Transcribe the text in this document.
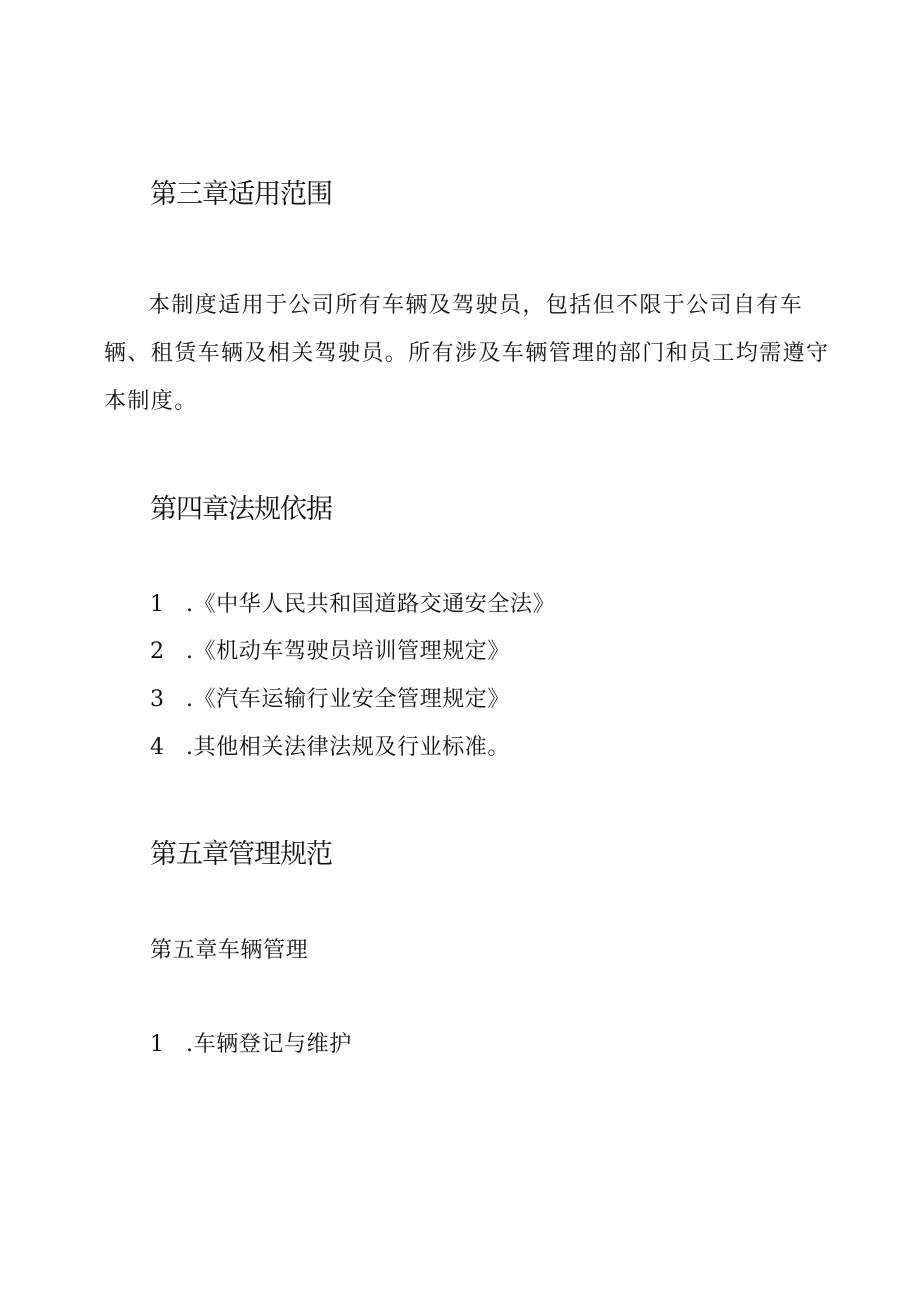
第三章适用范围

本制度适用于公司所有车辆及驾驶员，包括但不限于公司自有车辆、租赁车辆及相关驾驶员。所有涉及车辆管理的部门和员工均需遵守本制度。

第四章法规依据

1 .《中华人民共和国道路交通安全法》

2 .《机动车驾驶员培训管理规定》

3 .《汽车运输行业安全管理规定》

4 .其他相关法律法规及行业标准。

第五章管理规范

第五章车辆管理

1 .车辆登记与维护
